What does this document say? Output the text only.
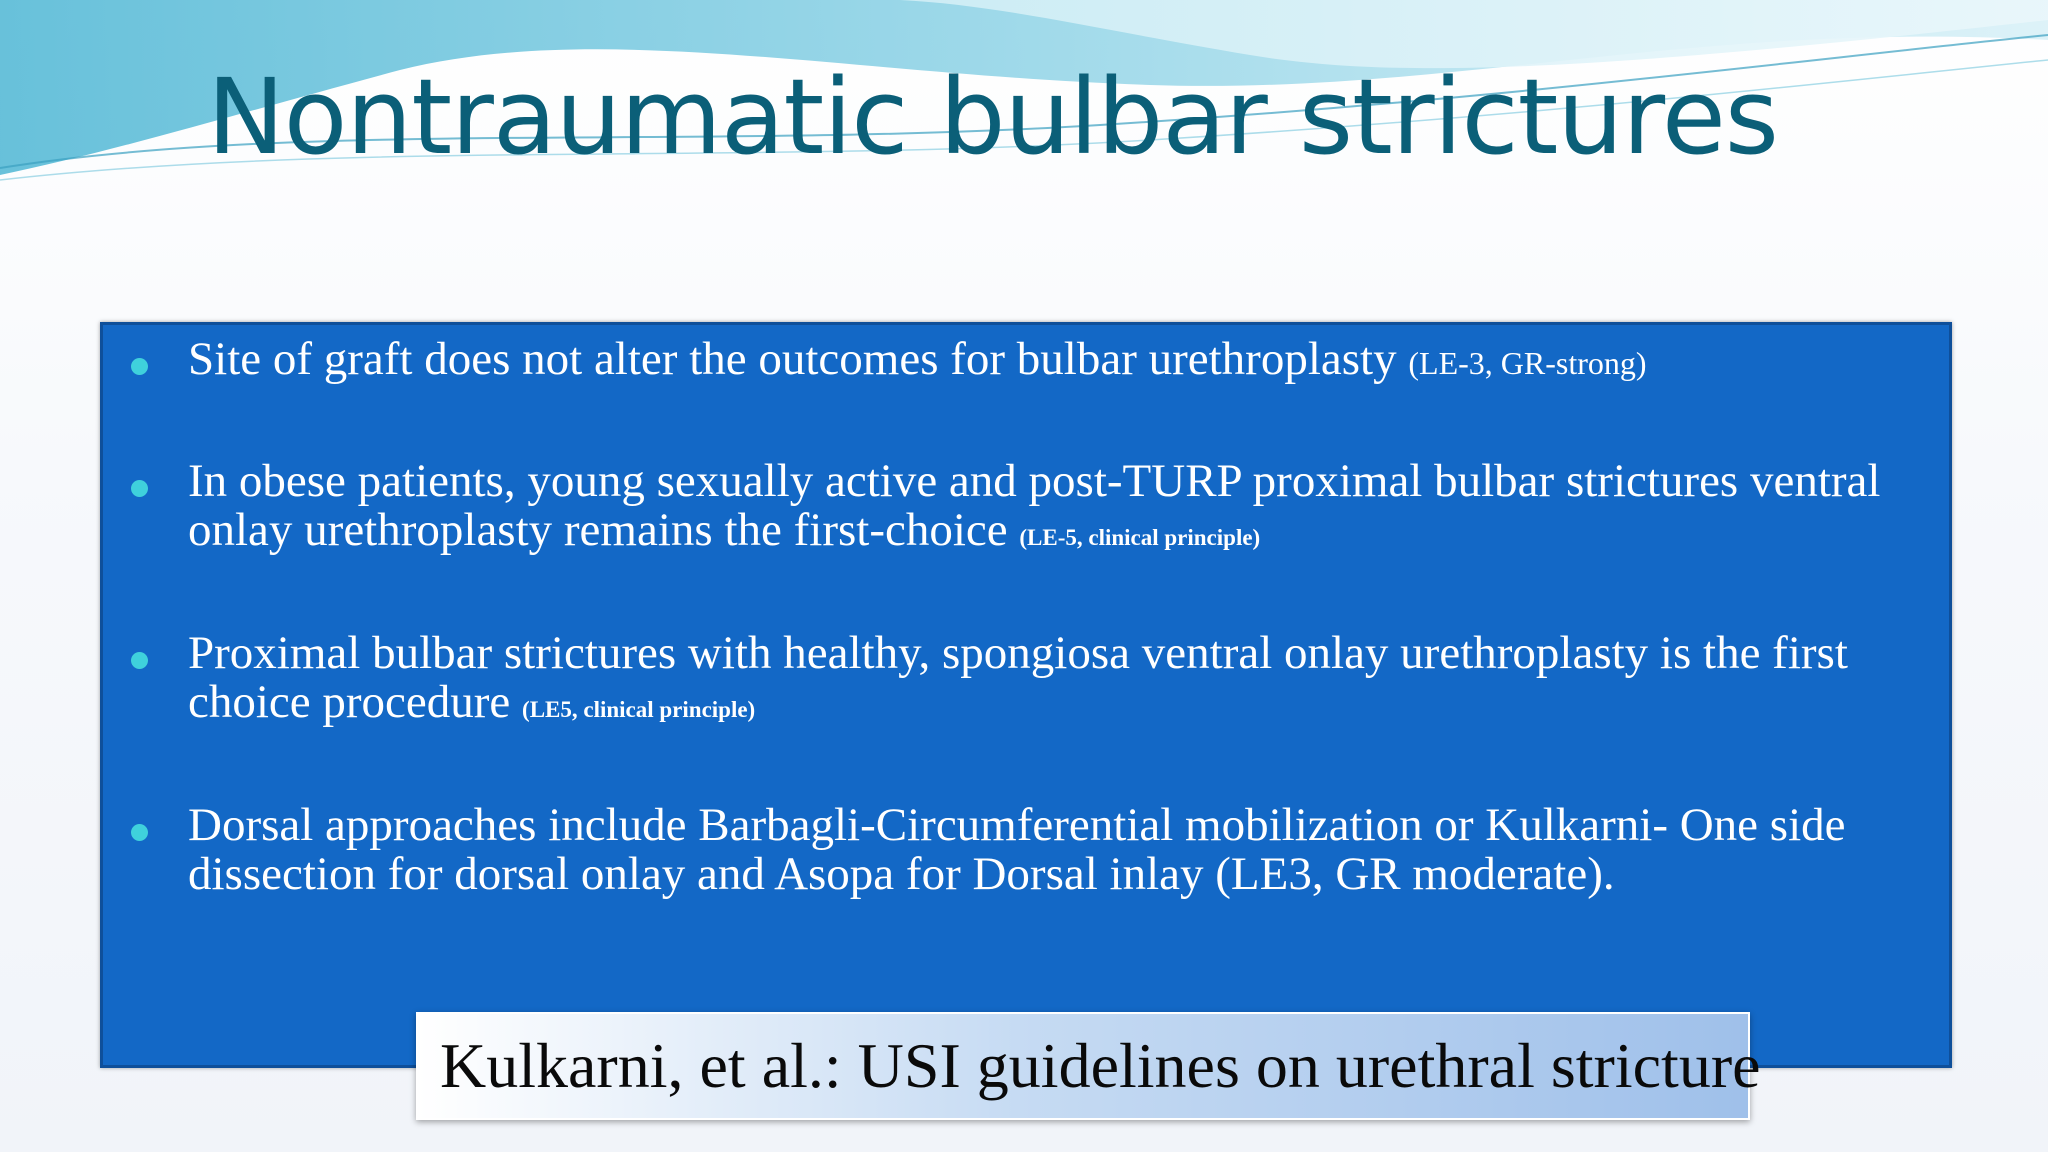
Nontraumatic bulbar strictures
Site of graft does not alter the outcomes for bulbar urethroplasty (LE-3, GR-strong)
In obese patients, young sexually active and post-TURP proximal bulbar strictures ventral onlay urethroplasty remains the first-choice (LE-5, clinical principle)
Proximal bulbar strictures with healthy, spongiosa ventral onlay urethroplasty is the first choice procedure (LE5, clinical principle)
Dorsal approaches include Barbagli-Circumferential mobilization or Kulkarni- One side dissection for dorsal onlay and Asopa for Dorsal inlay (LE3, GR moderate).
Kulkarni, et al.: USI guidelines on urethral stricture
